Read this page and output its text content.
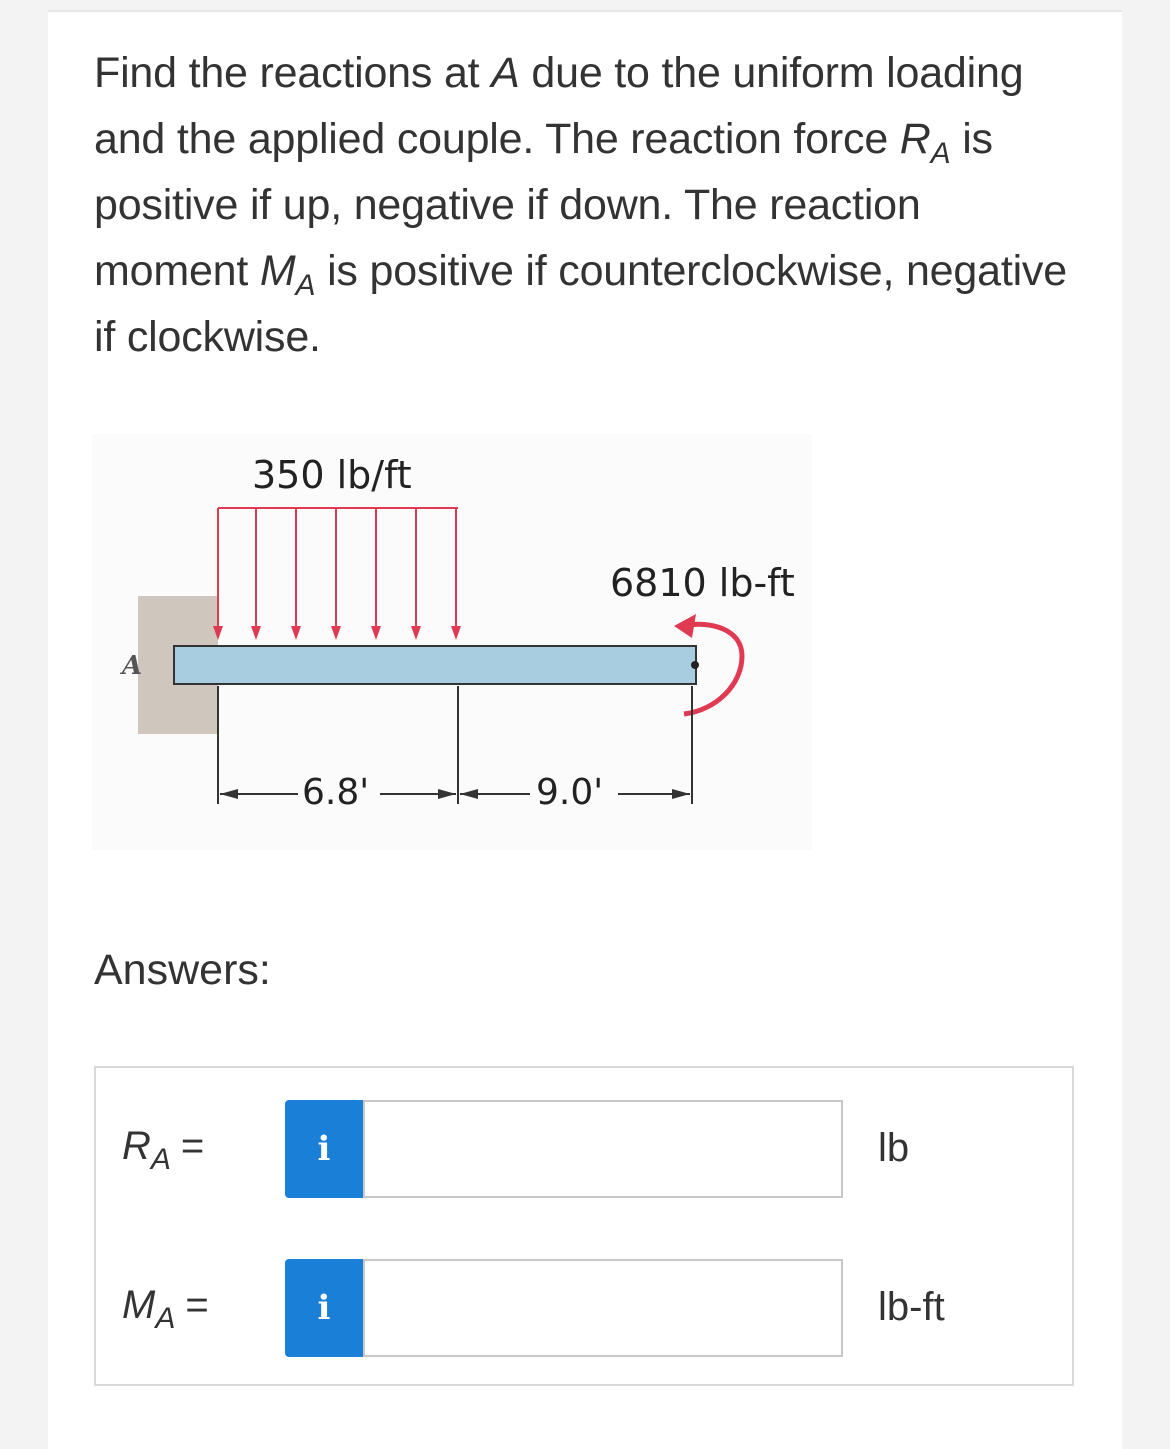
Find the reactions at A due to the uniform loading and the applied couple. The reaction force $R_A$ is positive if up, negative if down. The reaction moment $M_A$ is positive if counterclockwise, negative if clockwise.
A
350 lb/ft
6810 lb-ft
6.8'	9.0'
Answers:
$R_A$ =	i	lb
$M_A$ =	i	lb-ft
